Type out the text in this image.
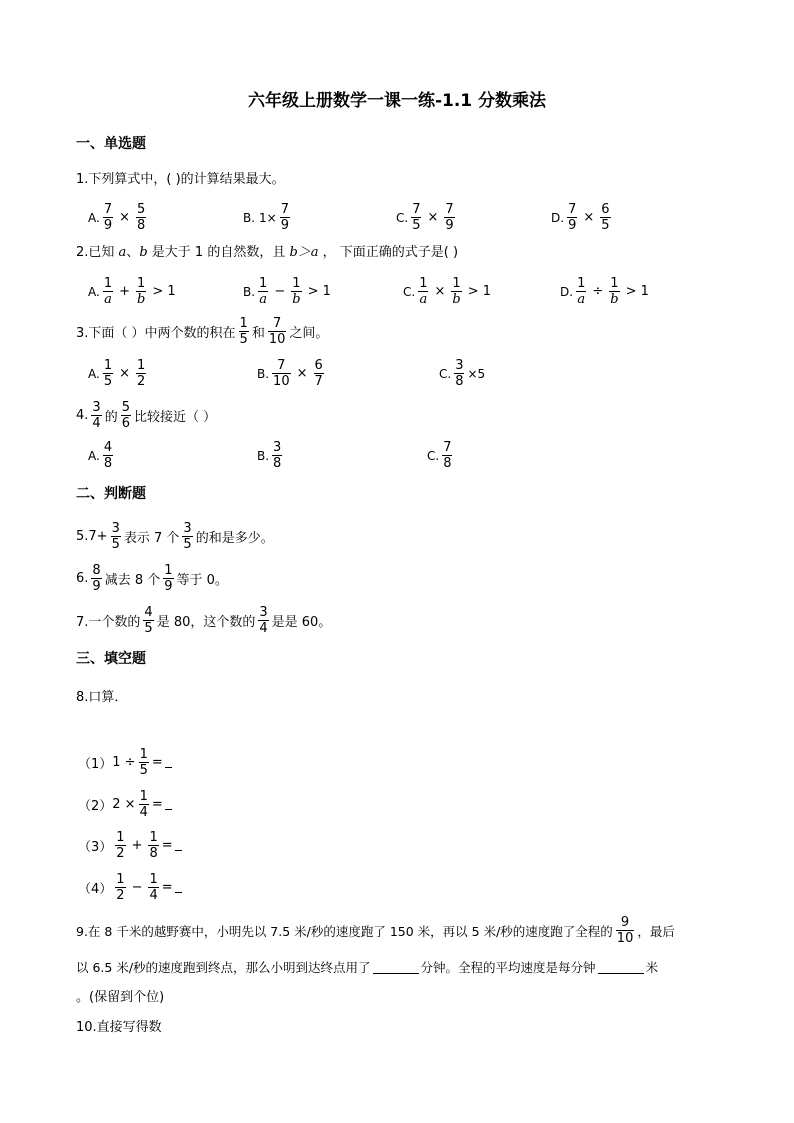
六年级上册数学一课一练-1.1 分数乘法
一、单选题
1.下列算式中，( )的计算结果最大。
A. $\frac{7}{9} \times \frac{5}{8}$	B. $1\times \frac{7}{9}$	C. $\frac{7}{5} \times \frac{7}{9}$	D. $\frac{7}{9} \times \frac{6}{5}$
2.已知 a、b 是大于 1 的自然数，且 b＞a ， 下面正确的式子是( )
A. $\frac{1}{a} + \frac{1}{b} > 1$	B. $\frac{1}{a} - \frac{1}{b} > 1$	C. $\frac{1}{a} \times \frac{1}{b} > 1$	D. $\frac{1}{a} \div \frac{1}{b} > 1$
3.下面（ ）中两个数的积在 $\frac{1}{5}$ 和 $\frac{7}{10}$ 之间。
A. $\frac{1}{5} \times \frac{1}{2}$	B. $\frac{7}{10} \times \frac{6}{7}$	C. $\frac{3}{8} \times 5$
4. $\frac{3}{4}$ 的 $\frac{5}{6}$ 比较接近（ ）
A. $\frac{4}{8}$	B. $\frac{3}{8}$	C. $\frac{7}{8}$
二、判断题
$5.7+ \frac{3}{5}$ 表示 7 个 $\frac{3}{5}$ 的和是多少。
6. $\frac{8}{9}$ 减去 8 个 $\frac{1}{9}$ 等于 0。
7.一个数的 $\frac{4}{5}$ 是 80，这个数的 $\frac{3}{4}$ 是是 60。
三、填空题
8.口算．
（1） $1 \div \frac{1}{5}$ =
（2） $2 \times \frac{1}{4}$ =
$(3) \frac{1}{2} + \frac{1}{8}$ =
$(4) \frac{1}{2} - \frac{1}{4}$ =
9.在 8 千米的越野赛中，小明先以 7.5 米/秒的速度跑了 150 米，再以 5 米/秒的速度跑了全程的 $\frac{9}{10}$ ，最后
以 6.5 米/秒的速度跑到终点，那么小明到达终点用了	分钟。全程的平均速度是每分钟	米
。(保留到个位)
10.直接写得数
